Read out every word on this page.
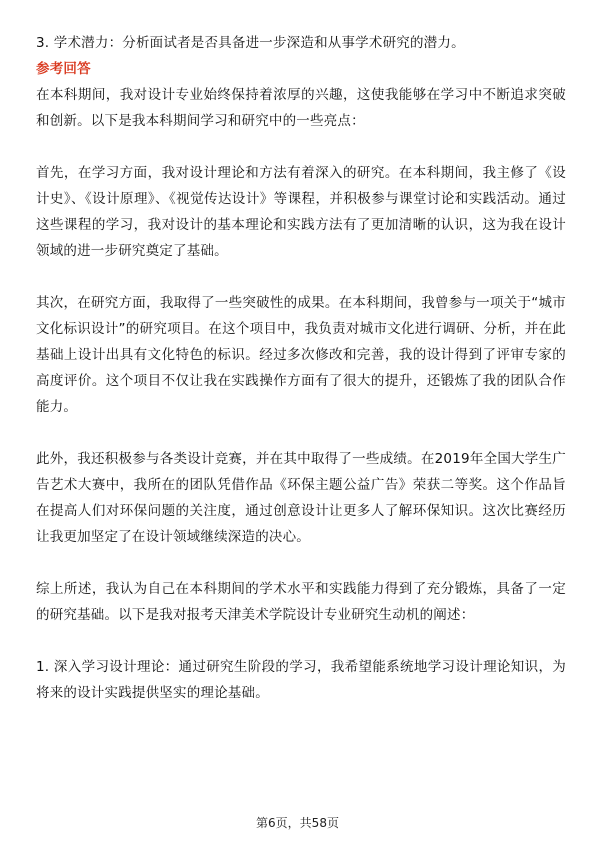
3. 学术潜力：分析面试者是否具备进一步深造和从事学术研究的潜力。

参考回答

在本科期间，我对设计专业始终保持着浓厚的兴趣，这使我能够在学习中不断追求突破和创新。以下是我本科期间学习和研究中的一些亮点：

首先，在学习方面，我对设计理论和方法有着深入的研究。在本科期间，我主修了《设计史》、《设计原理》、《视觉传达设计》等课程，并积极参与课堂讨论和实践活动。通过这些课程的学习，我对设计的基本理论和实践方法有了更加清晰的认识，这为我在设计领域的进一步研究奠定了基础。

其次，在研究方面，我取得了一些突破性的成果。在本科期间，我曾参与一项关于“城市文化标识设计”的研究项目。在这个项目中，我负责对城市文化进行调研、分析，并在此基础上设计出具有文化特色的标识。经过多次修改和完善，我的设计得到了评审专家的高度评价。这个项目不仅让我在实践操作方面有了很大的提升，还锻炼了我的团队合作能力。

此外，我还积极参与各类设计竞赛，并在其中取得了一些成绩。在2019年全国大学生广告艺术大赛中，我所在的团队凭借作品《环保主题公益广告》荣获二等奖。这个作品旨在提高人们对环保问题的关注度，通过创意设计让更多人了解环保知识。这次比赛经历让我更加坚定了在设计领域继续深造的决心。

综上所述，我认为自己在本科期间的学术水平和实践能力得到了充分锻炼，具备了一定的研究基础。以下是我对报考天津美术学院设计专业研究生动机的阐述：

1. 深入学习设计理论：通过研究生阶段的学习，我希望能系统地学习设计理论知识，为将来的设计实践提供坚实的理论基础。

第6页，共58页
